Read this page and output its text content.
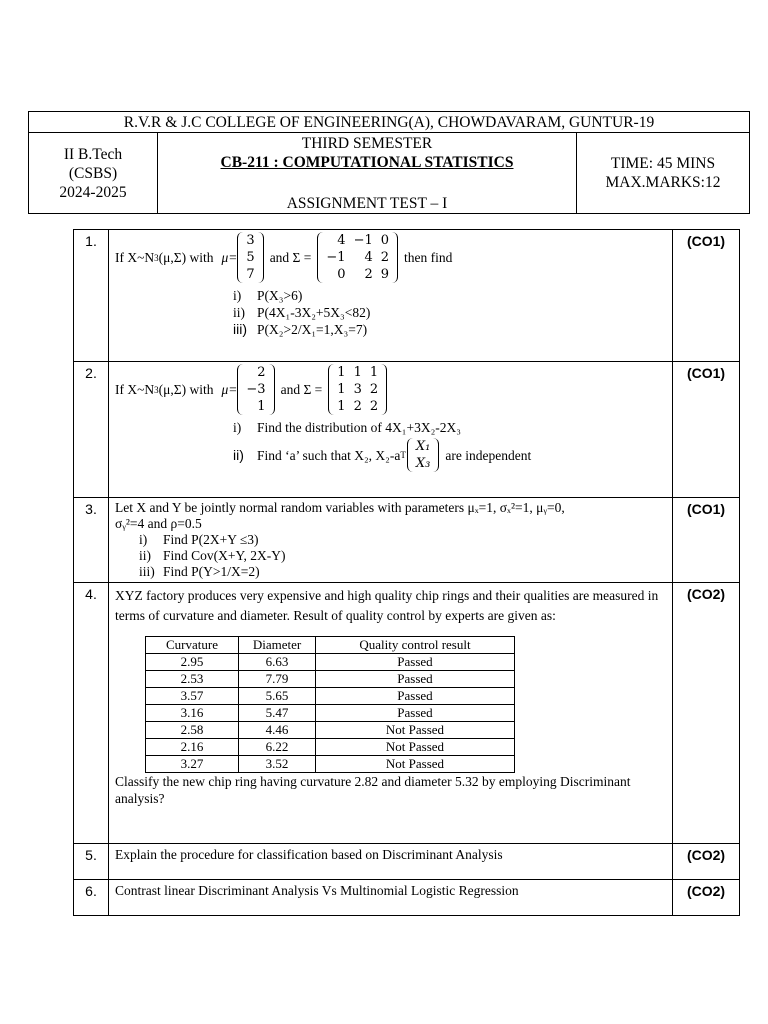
R.V.R & J.C COLLEGE OF ENGINEERING(A), CHOWDAVARAM, GUNTUR-19

II B.Tech
(CSBS)
2024-2025
	THIRD SEMESTER	
TIME: 45 MINS
MAX.MARKS:12

CB-211 : COMPUTATIONAL STATISTICS
ASSIGNMENT TEST – I
1.	
If X~N 3 (μ,Σ) with μ=
3
5
7
and Σ =
4	−1	0
−1	4	2
0	2	9
then find
i) P(X₃>6)
ii) P(4X₁-3X₂+5X₃<82)
iii) P(X₂>2/X₁=1,X₃=7)
	(CO1)
2.	
If X~N 3 (μ,Σ) with μ=
2
−3
1
and Σ =
1	1	1
1	3	2
1	2	2
i) Find the distribution of 4X₁+3X₂-2X₃
ii) Find ‘a’ such that X₂, X₂-a T
X₁
X₃
are independent
	(CO1)
3.	Let X and Y be jointly normal random variables with parameters μₓ=1, σₓ²=1, μᵧ=0,
σᵧ²=4 and ρ=0.5
i) Find P(2X+Y ≤3)
ii) Find Cov(X+Y, 2X-Y)
iii) Find P(Y>1/X=2)
	(CO1)
4.	XYZ factory produces very expensive and high quality chip rings and their qualities are measured in terms of curvature and diameter. Result of quality control by experts are given as:
Curvature	Diameter	Quality control result
2.95	6.63	Passed
2.53	7.79	Passed
3.57	5.65	Passed
3.16	5.47	Passed
2.58	4.46	Not Passed
2.16	6.22	Not Passed
3.27	3.52	Not Passed
Classify the new chip ring having curvature 2.82 and diameter 5.32 by employing Discriminant analysis?
	(CO2)
5.	Explain the procedure for classification based on Discriminant Analysis	(CO2)
6.	Contrast linear Discriminant Analysis Vs Multinomial Logistic Regression	(CO2)
